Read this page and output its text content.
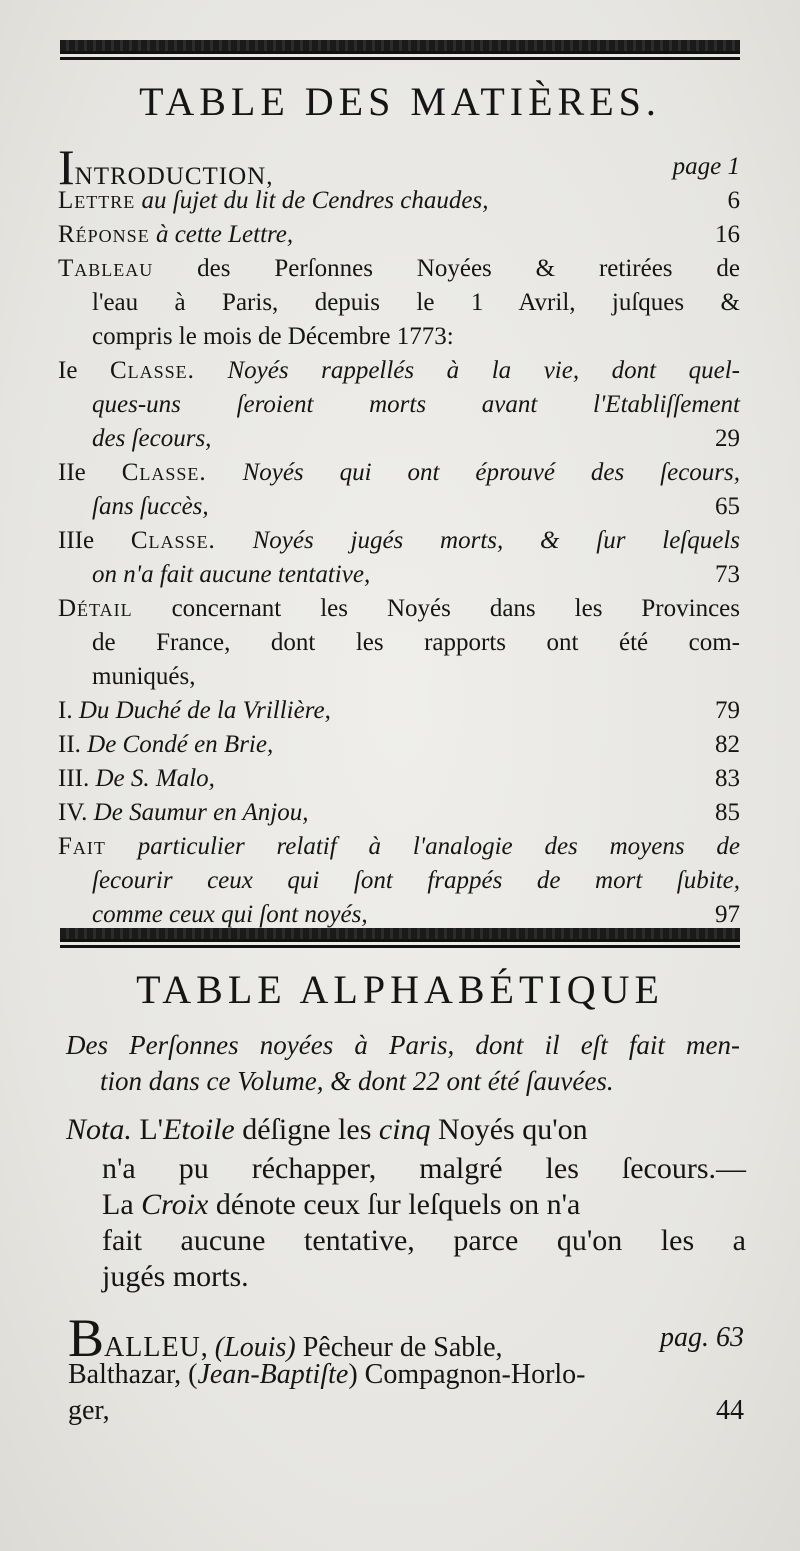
TABLE DES MATIÈRES.
INTRODUCTION,	page 1
Lettre au ſujet du lit de Cendres chaudes,	6
Réponse à cette Lettre,	16
Tableau des Perſonnes Noyées & retirées de
l'eau à Paris, depuis le 1 Avril, juſques &
compris le mois de Décembre 1773:
Ie Classe. Noyés rappellés à la vie, dont quel-
ques-uns ſeroient morts avant l'Etabliſſement
des ſecours,	29
IIe Classe. Noyés qui ont éprouvé des ſecours,
ſans ſuccès,	65
IIIe Classe. Noyés jugés morts, & ſur leſquels
on n'a fait aucune tentative,	73
Détail concernant les Noyés dans les Provinces
de France, dont les rapports ont été com-
muniqués,
I. Du Duché de la Vrillière,	79
II. De Condé en Brie,	82
III. De S. Malo,	83
IV. De Saumur en Anjou,	85
Fait particulier relatif à l'analogie des moyens de
ſecourir ceux qui ſont frappés de mort ſubite,
comme ceux qui ſont noyés,	97
TABLE ALPHABÉTIQUE
Des Perſonnes noyées à Paris, dont il eſt fait men-
tion dans ce Volume, & dont 22 ont été ſauvées.
Nota. L'Etoile déſigne les cinq Noyés qu'on
n'a pu réchapper, malgré les ſecours.—
La Croix dénote ceux ſur leſquels on n'a
fait aucune tentative, parce qu'on les a
jugés morts.
BALLEU, (Louis) Pêcheur de Sable,	pag. 63
Balthazar, (Jean-Baptiſte) Compagnon-Horlo-
ger,	44
